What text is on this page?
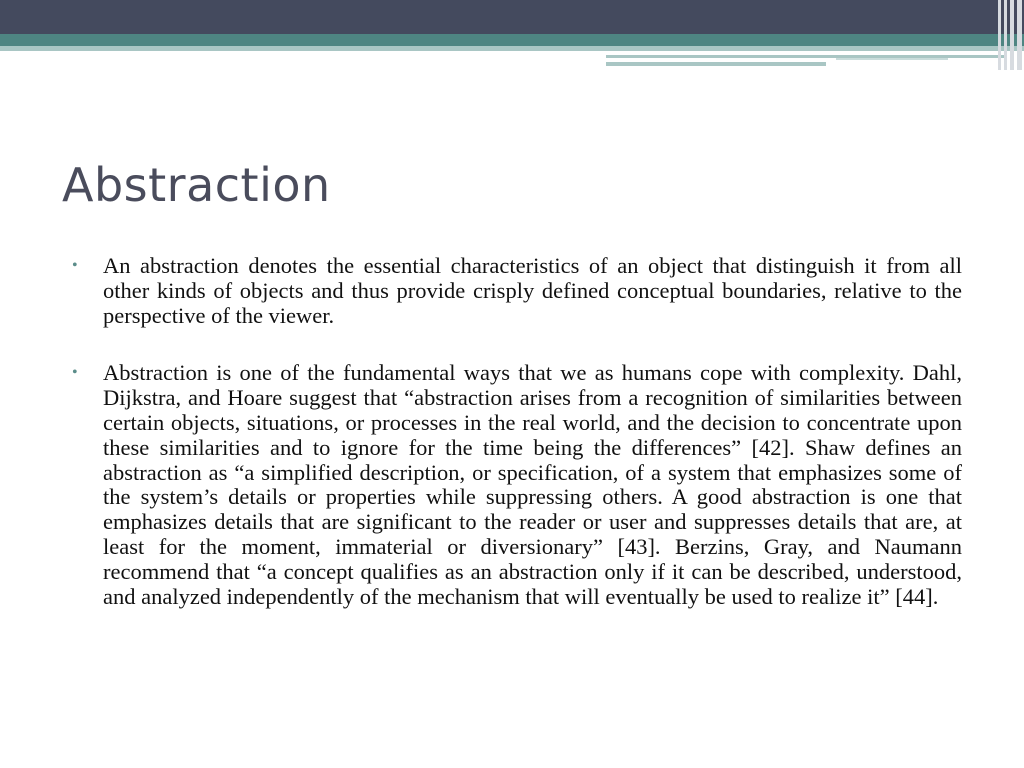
Abstraction
• An abstraction denotes the essential characteristics of an object that distinguish it from all other kinds of objects and thus provide crisply defined conceptual boundaries, relative to the perspective of the viewer.
• Abstraction is one of the fundamental ways that we as humans cope with complexity. Dahl, Dijkstra, and Hoare suggest that “abstraction arises from a recognition of similarities between certain objects, situations, or processes in the real world, and the decision to concentrate upon these similarities and to ignore for the time being the differences” [42]. Shaw defines an abstraction as “a simplified description, or specification, of a system that emphasizes some of the system’s details or properties while suppressing others. A good abstraction is one that emphasizes details that are significant to the reader or user and suppresses details that are, at least for the moment, immaterial or diversionary” [43]. Berzins, Gray, and Naumann recommend that “a concept qualifies as an abstraction only if it can be described, understood, and analyzed independently of the mechanism that will eventually be used to realize it” [44].
